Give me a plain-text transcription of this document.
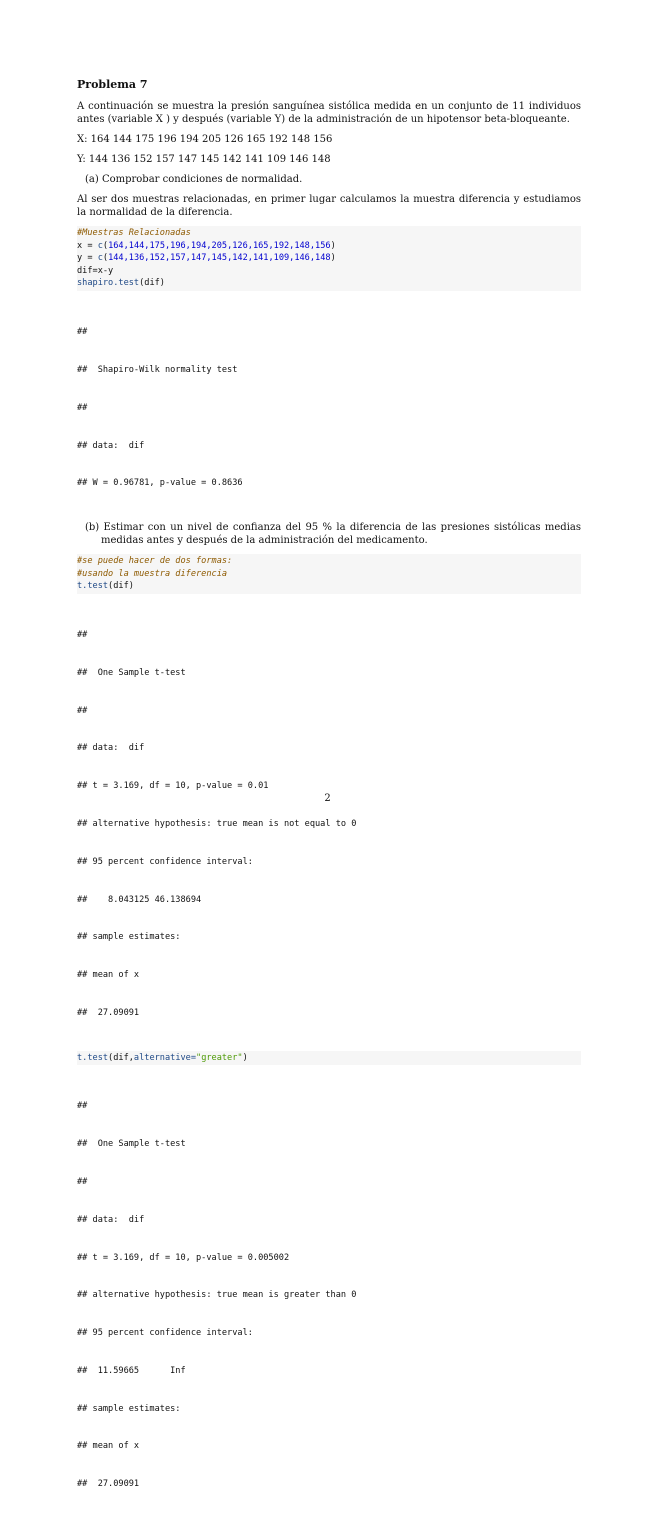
Problema 7

A continuación se muestra la presión sanguínea sistólica medida en un conjunto de 11 individuos antes (variable X ) y después (variable Y) de la administración de un hipotensor beta-bloqueante.

X: 164 144 175 196 194 205 126 165 192 148 156

Y: 144 136 152 157 147 145 142 141 109 146 148

(a) Comprobar condiciones de normalidad.

Al ser dos muestras relacionadas, en primer lugar calculamos la muestra diferencia y estudiamos la normalidad de la diferencia.

#Muestras Relacionadas
x = c(164,144,175,196,194,205,126,165,192,148,156)
y = c(144,136,152,157,147,145,142,141,109,146,148)
dif=x-y
shapiro.test(dif)

##

##  Shapiro-Wilk normality test

##

## data:  dif

## W = 0.96781, p-value = 0.8636

(b) Estimar con un nivel de confianza del 95 % la diferencia de las presiones sistólicas medias medidas antes y después de la administración del medicamento.

#se puede hacer de dos formas:
#usando la muestra diferencia
t.test(dif)

##

##  One Sample t-test

##

## data:  dif

## t = 3.169, df = 10, p-value = 0.01

## alternative hypothesis: true mean is not equal to 0

## 95 percent confidence interval:

##    8.043125 46.138694

## sample estimates:

## mean of x

##  27.09091

t.test(dif,alternative="greater")

##

##  One Sample t-test

##

## data:  dif

## t = 3.169, df = 10, p-value = 0.005002

## alternative hypothesis: true mean is greater than 0

## 95 percent confidence interval:

##  11.59665      Inf

## sample estimates:

## mean of x

##  27.09091

2
